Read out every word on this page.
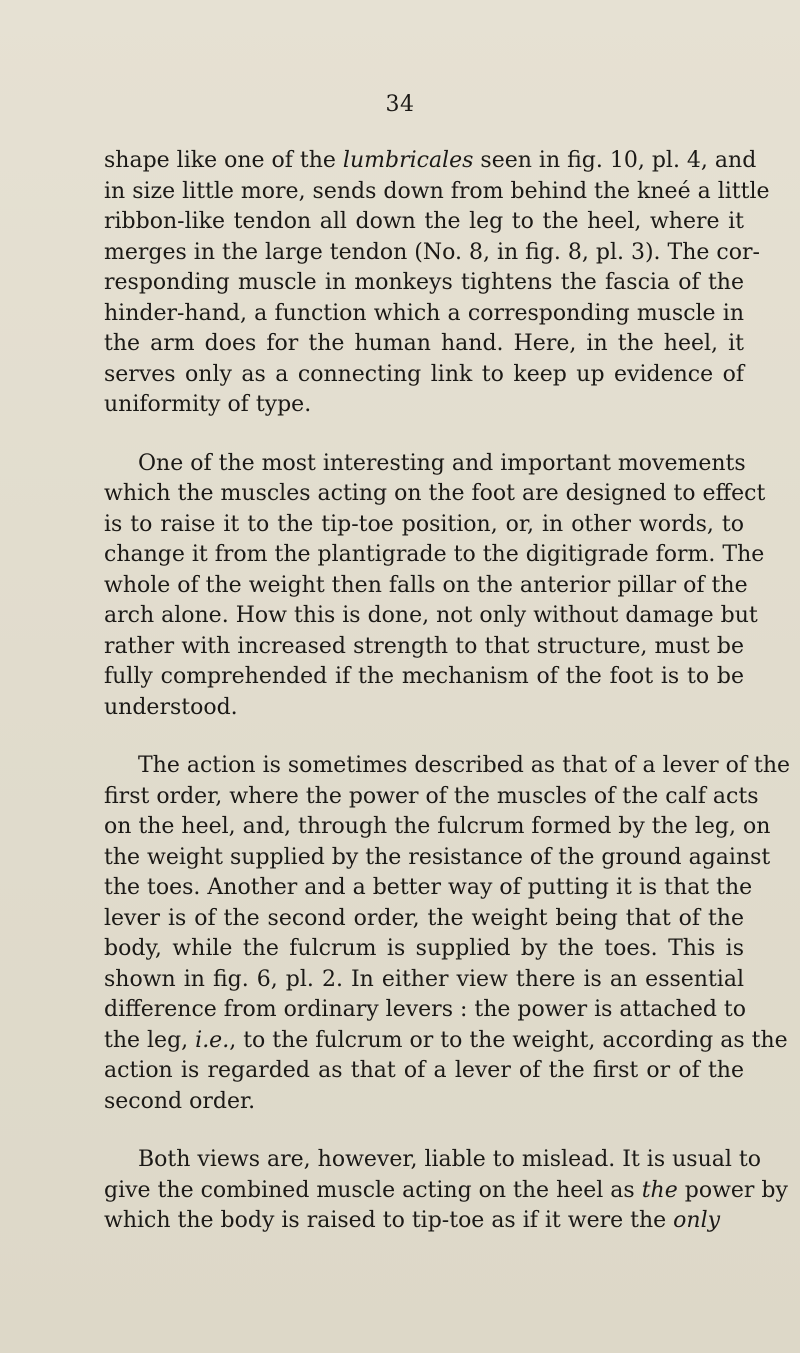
34

shape like one of the lumbricales seen in fig. 10, pl. 4, and
in size little more, sends down from behind the kneé a little
ribbon-like tendon all down the leg to the heel, where it
merges in the large tendon (No. 8, in fig. 8, pl. 3). The cor-
responding muscle in monkeys tightens the fascia of the
hinder-hand, a function which a corresponding muscle in
the arm does for the human hand. Here, in the heel, it
serves only as a connecting link to keep up evidence of
uniformity of type.

One of the most interesting and important movements
which the muscles acting on the foot are designed to effect
is to raise it to the tip-toe position, or, in other words, to
change it from the plantigrade to the digitigrade form. The
whole of the weight then falls on the anterior pillar of the
arch alone. How this is done, not only without damage but
rather with increased strength to that structure, must be
fully comprehended if the mechanism of the foot is to be
understood.

The action is sometimes described as that of a lever of the
first order, where the power of the muscles of the calf acts
on the heel, and, through the fulcrum formed by the leg, on
the weight supplied by the resistance of the ground against
the toes. Another and a better way of putting it is that the
lever is of the second order, the weight being that of the
body, while the fulcrum is supplied by the toes. This is
shown in fig. 6, pl. 2. In either view there is an essential
difference from ordinary levers : the power is attached to
the leg, i.e., to the fulcrum or to the weight, according as the
action is regarded as that of a lever of the first or of the
second order.

Both views are, however, liable to mislead. It is usual to
give the combined muscle acting on the heel as the power by
which the body is raised to tip-toe as if it were the only
